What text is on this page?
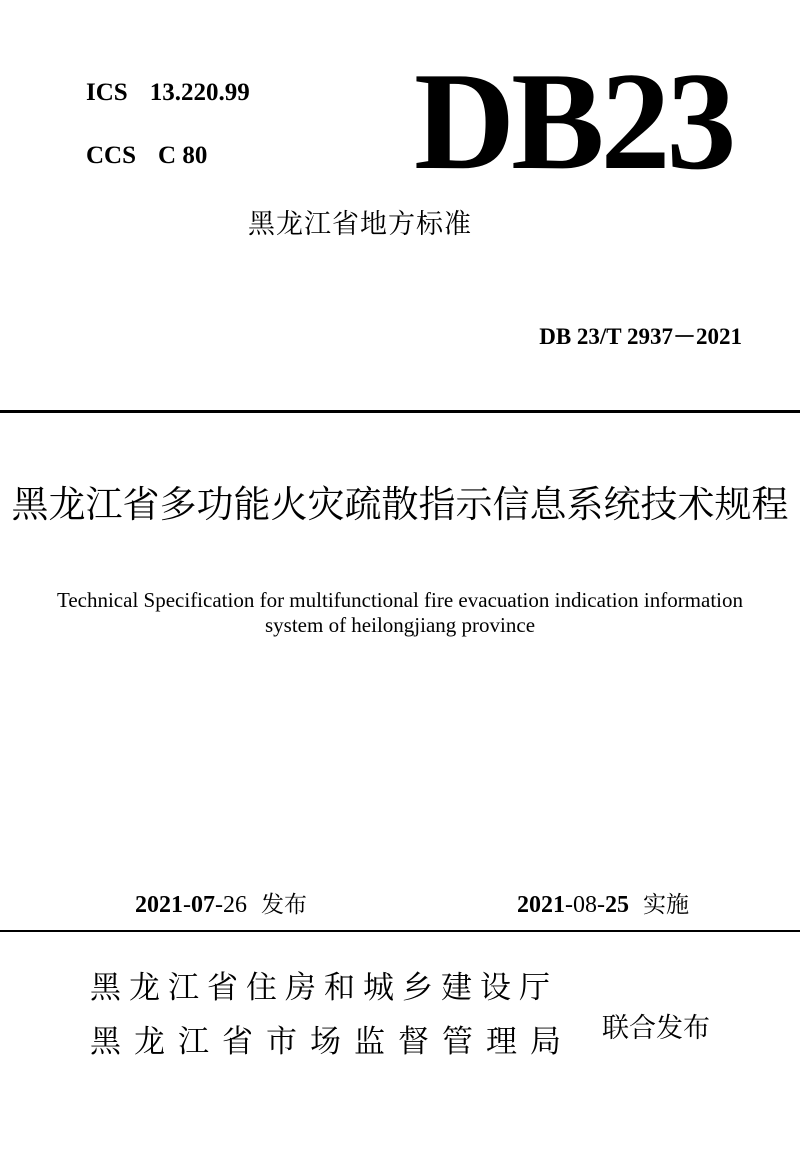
ICS 13.220.99
CCS C 80 DB23
黑龙江省地方标准
DB 23/T 2937－2021
黑龙江省多功能火灾疏散指示信息系统技术规程
Technical Specification for multifunctional fire evacuation indication information system of heilongjiang province
2021-07-26 发布	2021-08-25 实施
黑龙江省住房和城乡建设厅
黑龙江省市场监督管理局 联合发布
